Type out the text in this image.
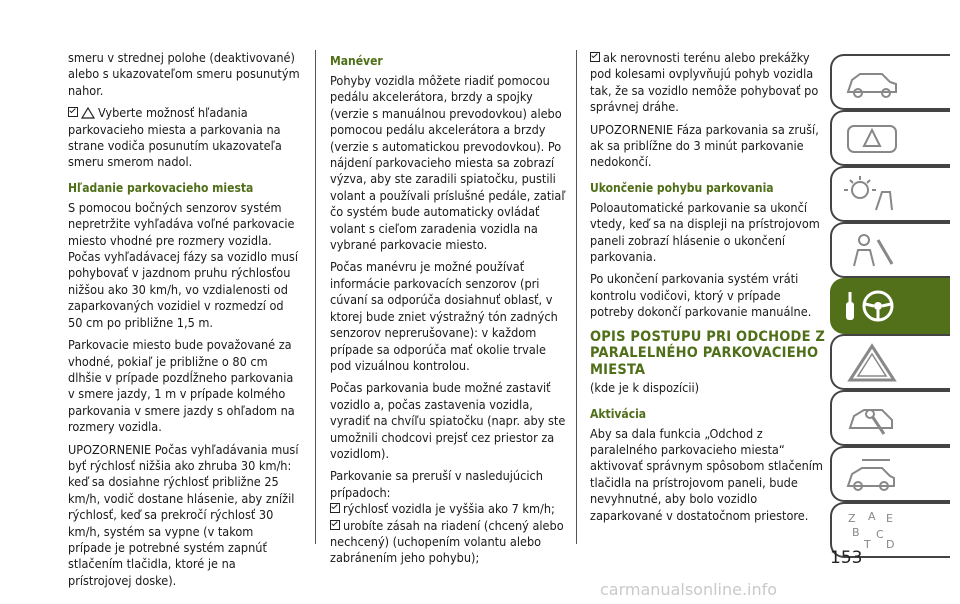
smeru v strednej polohe (deaktivované) alebo s ukazovateľom smeru posunutým nahor.

Vyberte možnosť hľadania parkovacieho miesta a parkovania na strane vodiča posunutím ukazovateľa smeru smerom nadol.

Hľadanie parkovacieho miesta

S pomocou bočných senzorov systém nepretržite vyhľadáva voľné parkovacie miesto vhodné pre rozmery vozidla. Počas vyhľadávacej fázy sa vozidlo musí pohybovať v jazdnom pruhu rýchlosťou nižšou ako 30 km/h, vo vzdialenosti od zaparkovaných vozidiel v rozmedzí od 50 cm po približne 1,5 m.

Parkovacie miesto bude považované za vhodné, pokiaľ je približne o 80 cm dlhšie v prípade pozdĺžneho parkovania v smere jazdy, 1 m v prípade kolmého parkovania v smere jazdy s ohľadom na rozmery vozidla.

UPOZORNENIE Počas vyhľadávania musí byť rýchlosť nižšia ako zhruba 30 km/h: keď sa dosiahne rýchlosť približne 25 km/h, vodič dostane hlásenie, aby znížil rýchlosť, keď sa prekročí rýchlosť 30 km/h, systém sa vypne (v takom prípade je potrebné systém zapnúť stlačením tlačidla, ktoré je na prístrojovej doske).

Manéver

Pohyby vozidla môžete riadiť pomocou pedálu akcelerátora, brzdy a spojky (verzie s manuálnou prevodovkou) alebo pomocou pedálu akcelerátora a brzdy (verzie s automatickou prevodovkou). Po nájdení parkovacieho miesta sa zobrazí výzva, aby ste zaradili spiatočku, pustili volant a používali príslušné pedále, zatiaľ čo systém bude automaticky ovládať volant s cieľom zaradenia vozidla na vybrané parkovacie miesto.

Počas manévru je možné používať informácie parkovacích senzorov (pri cúvaní sa odporúča dosiahnuť oblasť, v ktorej bude zniet výstražný tón zadných senzorov neprerušovane): v každom prípade sa odporúča mať okolie trvale pod vizuálnou kontrolou.

Počas parkovania bude možné zastaviť vozidlo a, počas zastavenia vozidla, vyradiť na chvíľu spiatočku (napr. aby ste umožnili chodcovi prejsť cez priestor za vozidlom).

Parkovanie sa preruší v nasledujúcich prípadoch:

rýchlosť vozidla je vyššia ako 7 km/h;
urobíte zásah na riadení (chcený alebo nechcený) (uchopením volantu alebo zabránením jeho pohybu);

ak nerovnosti terénu alebo prekážky pod kolesami ovplyvňujú pohyb vozidla tak, že sa vozidlo nemôže pohybovať po správnej dráhe.

UPOZORNENIE Fáza parkovania sa zruší, ak sa priblížne do 3 minút parkovanie nedokončí.

Ukončenie pohybu parkovania

Poloautomatické parkovanie sa ukončí vtedy, keď sa na displeji na prístrojovom paneli zobrazí hlásenie o ukončení parkovania.

Po ukončení parkovania systém vráti kontrolu vodičovi, ktorý v prípade potreby dokončí parkovanie manuálne.

OPIS POSTUPU PRI ODCHODE Z PARALELNÉHO PARKOVACIEHO MIESTA

(kde je k dispozícii)

Aktivácia

Aby sa dala funkcia „Odchod z paralelného parkovacieho miesta“ aktivovať správnym spôsobom stlačením tlačidla na prístrojovom paneli, bude nevyhnutné, aby bolo vozidlo zaparkované v dostatočnom priestore.	Z A E
B C
T D
153
carmanualsonline.info
